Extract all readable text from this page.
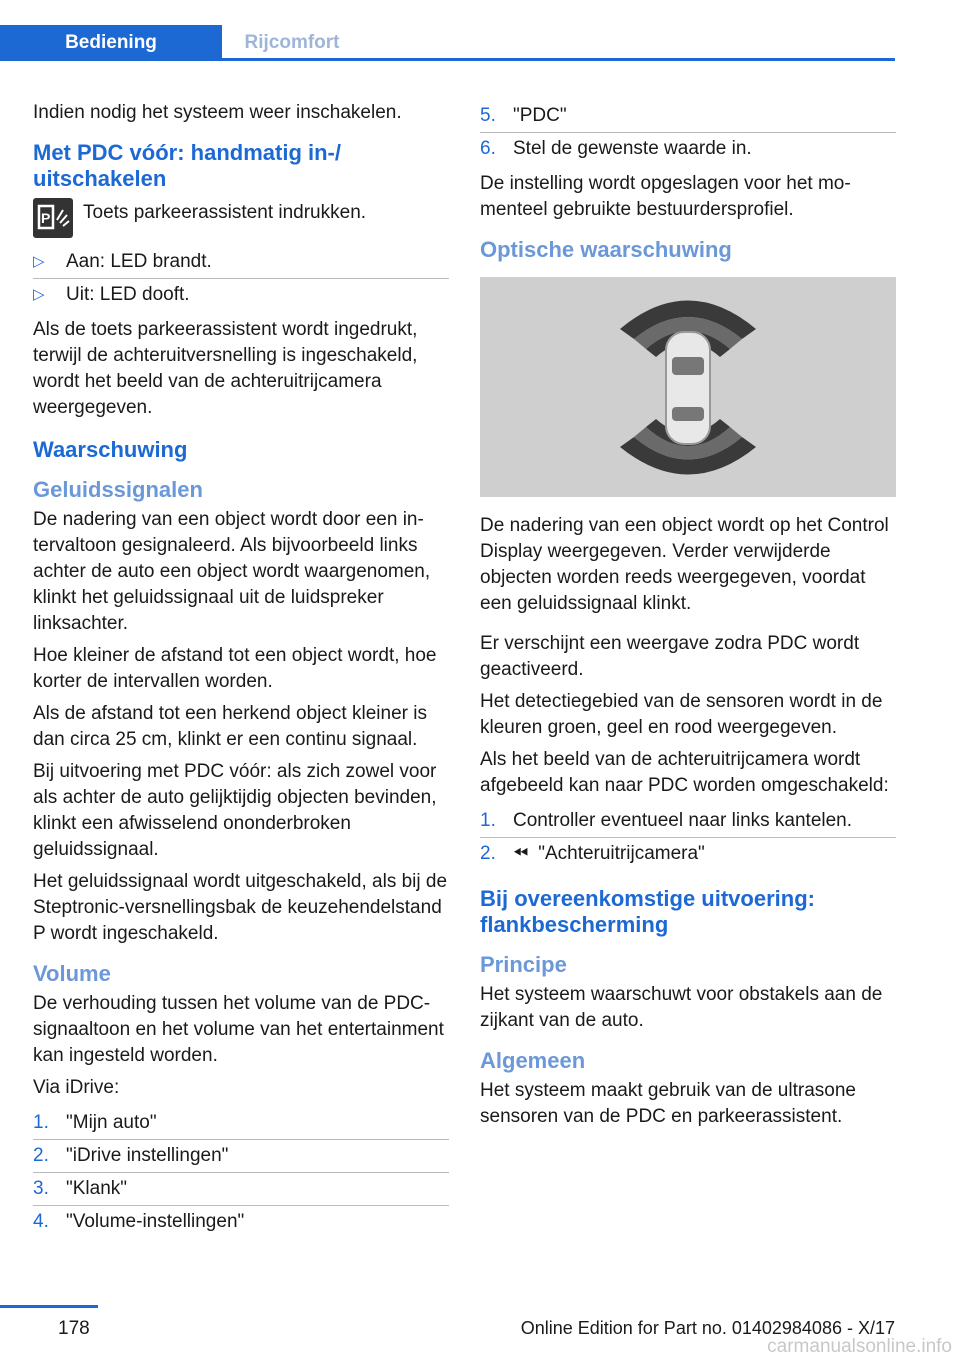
Bediening	Rijcomfort

Indien nodig het systeem weer inschakelen.

Met PDC vóór: handmatig in-/ uitschakelen
P Toets parkeerassistent indrukken.

▷	Aan: LED brandt.
▷	Uit: LED dooft.

Als de toets parkeerassistent wordt ingedrukt, terwijl de achteruitversnelling is ingeschakeld, wordt het beeld van de achteruitrijcamera weergegeven.

Waarschuwing
Geluidssignalen

De nadering van een object wordt door een intervaltoon gesignaleerd. Als bijvoorbeeld links achter de auto een object wordt waargenomen, klinkt het geluidssignaal uit de luidspreker linksachter.

Hoe kleiner de afstand tot een object wordt, hoe korter de intervallen worden.

Als de afstand tot een herkend object kleiner is dan circa 25 cm, klinkt er een continu signaal.

Bij uitvoering met PDC vóór: als zich zowel voor als achter de auto gelijktijdig objecten bevinden, klinkt een afwisselend ononderbroken geluidssignaal.

Het geluidssignaal wordt uitgeschakeld, als bij de Steptronic-versnellingsbak de keuzehendelstand P wordt ingeschakeld.

Volume

De verhouding tussen het volume van de PDC-signaaltoon en het volume van het entertainment kan ingesteld worden.

Via iDrive:

1. "Mijn auto"
2. "iDrive instellingen"
3. "Klank"
4. "Volume-instellingen"
5. "PDC"
6. Stel de gewenste waarde in.

De instelling wordt opgeslagen voor het momenteel gebruikte bestuurdersprofiel.

Optische waarschuwing

De nadering van een object wordt op het Control Display weergegeven. Verder verwijderde objecten worden reeds weergegeven, voordat een geluidssignaal klinkt.

Er verschijnt een weergave zodra PDC wordt geactiveerd.

Het detectiegebied van de sensoren wordt in de kleuren groen, geel en rood weergegeven.

Als het beeld van de achteruitrijcamera wordt afgebeeld kan naar PDC worden omgeschakeld:

1. Controller eventueel naar links kantelen.
2. ⏪︎ "Achteruitrijcamera"
Bij overeenkomstige uitvoering: flankbescherming
Principe

Het systeem waarschuwt voor obstakels aan de zijkant van de auto.

Algemeen

Het systeem maakt gebruik van de ultrasone sensoren van de PDC en parkeerassistent.

178	Online Edition for Part no. 01402984086 - X/17
carmanualsonline.info
